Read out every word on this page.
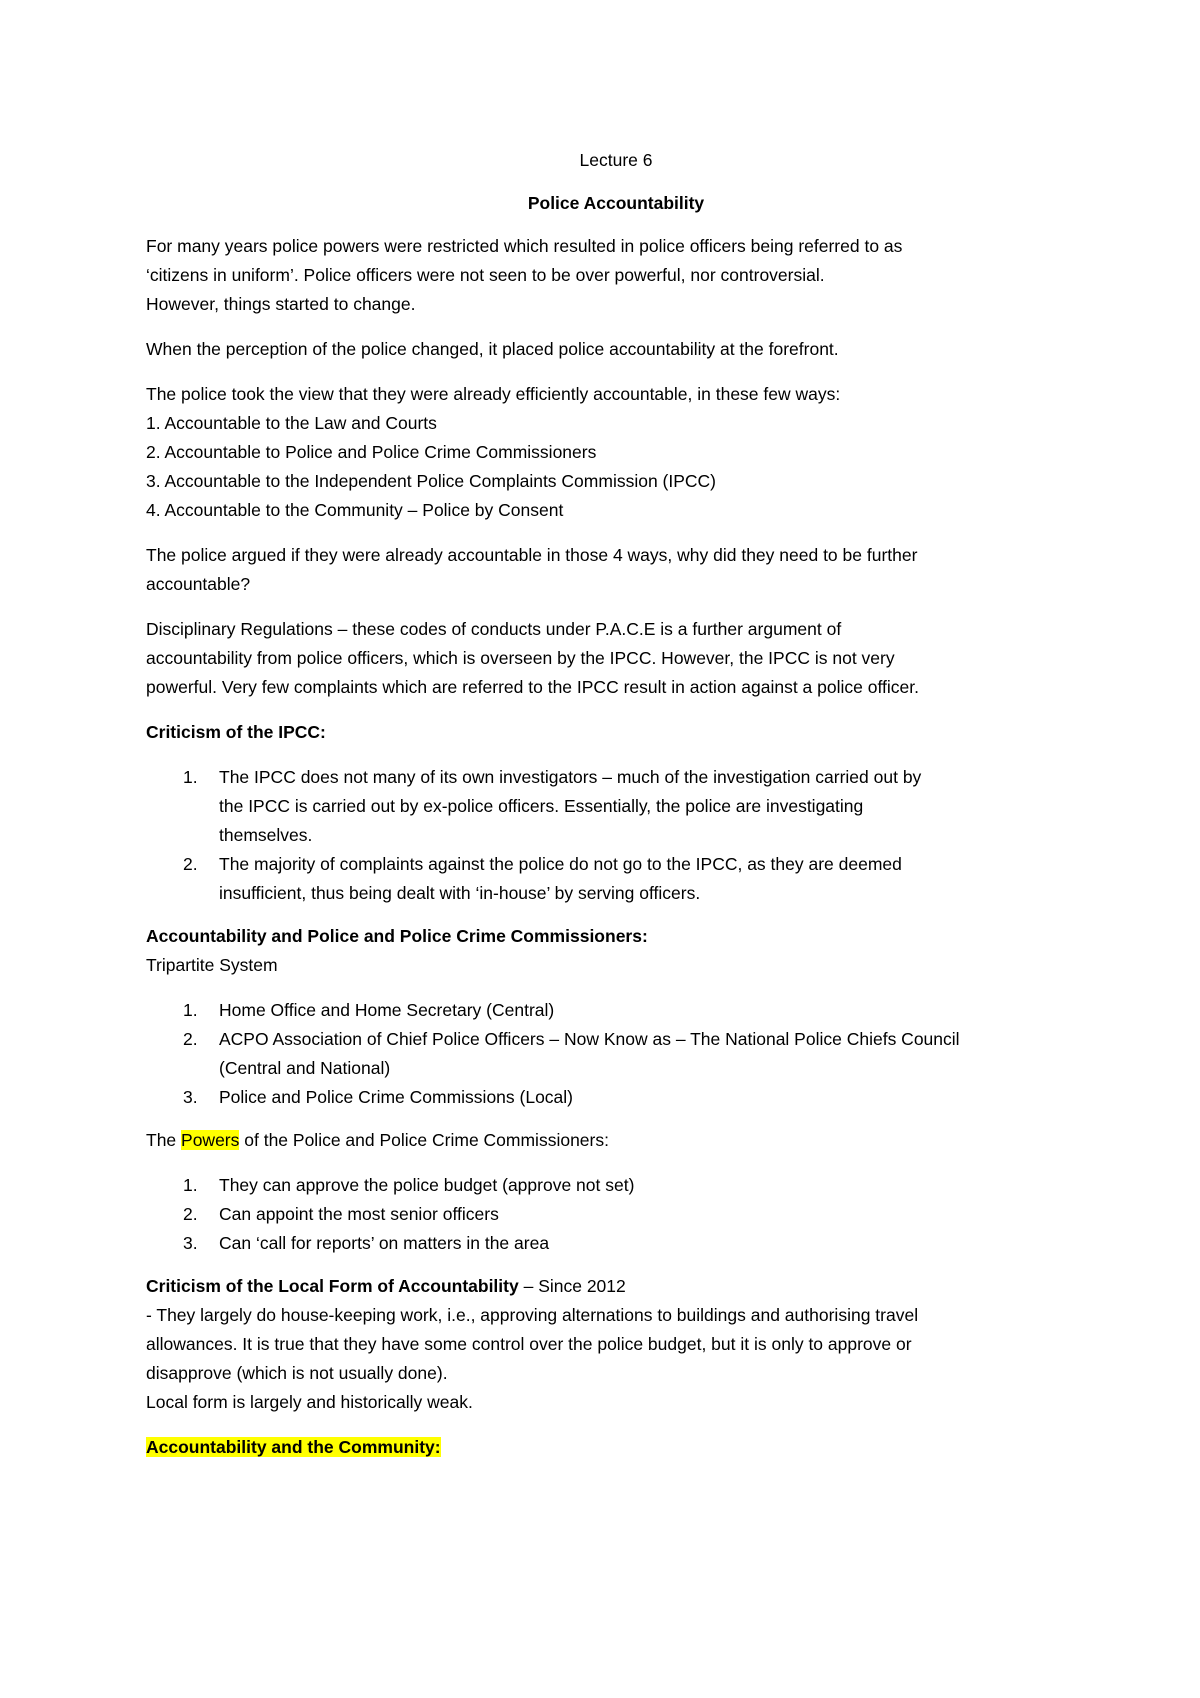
Lecture 6

Police Accountability

For many years police powers were restricted which resulted in police officers being referred to as

‘citizens in uniform’. Police officers were not seen to be over powerful, nor controversial.

However, things started to change.

When the perception of the police changed, it placed police accountability at the forefront.

The police took the view that they were already efficiently accountable, in these few ways:

1. Accountable to the Law and Courts

2. Accountable to Police and Police Crime Commissioners

3. Accountable to the Independent Police Complaints Commission (IPCC)

4. Accountable to the Community – Police by Consent

The police argued if they were already accountable in those 4 ways, why did they need to be further

accountable?

Disciplinary Regulations – these codes of conducts under P.A.C.E is a further argument of

accountability from police officers, which is overseen by the IPCC. However, the IPCC is not very

powerful. Very few complaints which are referred to the IPCC result in action against a police officer.

Criticism of the IPCC:

1. The IPCC does not many of its own investigators – much of the investigation carried out by

the IPCC is carried out by ex-police officers. Essentially, the police are investigating

themselves.

2. The majority of complaints against the police do not go to the IPCC, as they are deemed

insufficient, thus being dealt with ‘in-house’ by serving officers.

Accountability and Police and Police Crime Commissioners:

Tripartite System

1. Home Office and Home Secretary (Central)

2. ACPO Association of Chief Police Officers – Now Know as – The National Police Chiefs Council

(Central and National)

3. Police and Police Crime Commissions (Local)

The Powers of the Police and Police Crime Commissioners:

1. They can approve the police budget (approve not set)

2. Can appoint the most senior officers

3. Can ‘call for reports’ on matters in the area

Criticism of the Local Form of Accountability – Since 2012

- They largely do house-keeping work, i.e., approving alternations to buildings and authorising travel

allowances. It is true that they have some control over the police budget, but it is only to approve or

disapprove (which is not usually done).

Local form is largely and historically weak.

Accountability and the Community:
